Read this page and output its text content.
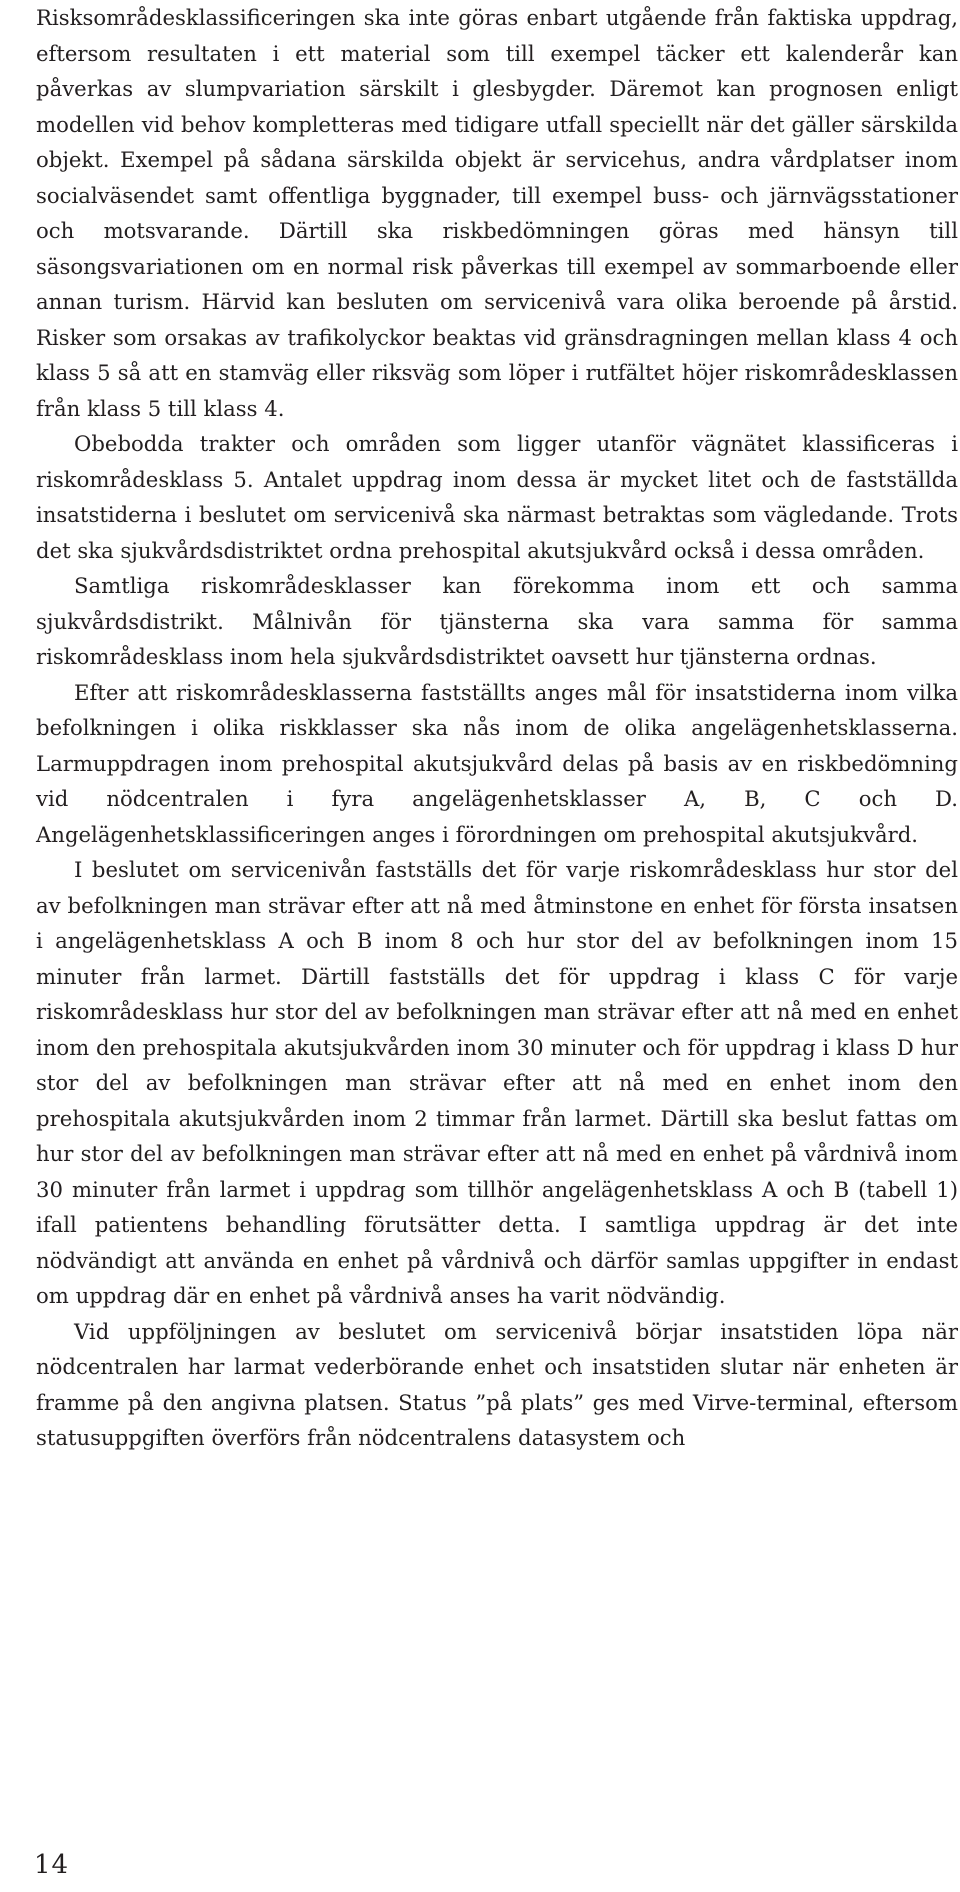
Risksområdesklassificeringen ska inte göras enbart utgående från faktiska uppdrag, eftersom resultaten i ett material som till exempel täcker ett kalenderår kan påverkas av slumpvariation särskilt i glesbygder. Däremot kan prognosen enligt modellen vid behov kompletteras med tidigare utfall speciellt när det gäller särskilda objekt. Exempel på sådana särskilda objekt är servicehus, andra vårdplatser inom socialväsendet samt offentliga byggnader, till exempel buss- och järnvägsstationer och motsvarande. Därtill ska riskbedömningen göras med hänsyn till säsongsvariationen om en normal risk påverkas till exempel av sommarboende eller annan turism. Härvid kan besluten om servicenivå vara olika beroende på årstid. Risker som orsakas av trafikolyckor beaktas vid gränsdragningen mellan klass 4 och klass 5 så att en stamväg eller riksväg som löper i rutfältet höjer riskområdesklassen från klass 5 till klass 4.

Obebodda trakter och områden som ligger utanför vägnätet klassificeras i riskområdesklass 5. Antalet uppdrag inom dessa är mycket litet och de fastställda insatstiderna i beslutet om servicenivå ska närmast betraktas som vägledande. Trots det ska sjukvårdsdistriktet ordna prehospital akutsjukvård också i dessa områden.

Samtliga riskområdesklasser kan förekomma inom ett och samma sjukvårdsdistrikt. Målnivån för tjänsterna ska vara samma för samma riskområdesklass inom hela sjukvårdsdistriktet oavsett hur tjänsterna ordnas.

Efter att riskområdesklasserna fastställts anges mål för insatstiderna inom vilka befolkningen i olika riskklasser ska nås inom de olika angelägenhetsklasserna. Larmuppdragen inom prehospital akutsjukvård delas på basis av en riskbedömning vid nödcentralen i fyra angelägenhetsklasser A, B, C och D. Angelägenhetsklassificeringen anges i förordningen om prehospital akutsjukvård.

I beslutet om servicenivån fastställs det för varje riskområdesklass hur stor del av befolkningen man strävar efter att nå med åtminstone en enhet för första insatsen i angelägenhetsklass A och B inom 8 och hur stor del av befolkningen inom 15 minuter från larmet. Därtill fastställs det för uppdrag i klass C för varje riskområdesklass hur stor del av befolkningen man strävar efter att nå med en enhet inom den prehospitala akutsjukvården inom 30 minuter och för uppdrag i klass D hur stor del av befolkningen man strävar efter att nå med en enhet inom den prehospitala akutsjukvården inom 2 timmar från larmet. Därtill ska beslut fattas om hur stor del av befolkningen man strävar efter att nå med en enhet på vårdnivå inom 30 minuter från larmet i uppdrag som tillhör angelägenhetsklass A och B (tabell 1) ifall patientens behandling förutsätter detta. I samtliga uppdrag är det inte nödvändigt att använda en enhet på vårdnivå och därför samlas uppgifter in endast om uppdrag där en enhet på vårdnivå anses ha varit nödvändig.

Vid uppföljningen av beslutet om servicenivå börjar insatstiden löpa när nödcentralen har larmat vederbörande enhet och insatstiden slutar när enheten är framme på den angivna platsen. Status ”på plats” ges med Virve-terminal, eftersom statusuppgiften överförs från nödcentralens datasystem och

14
